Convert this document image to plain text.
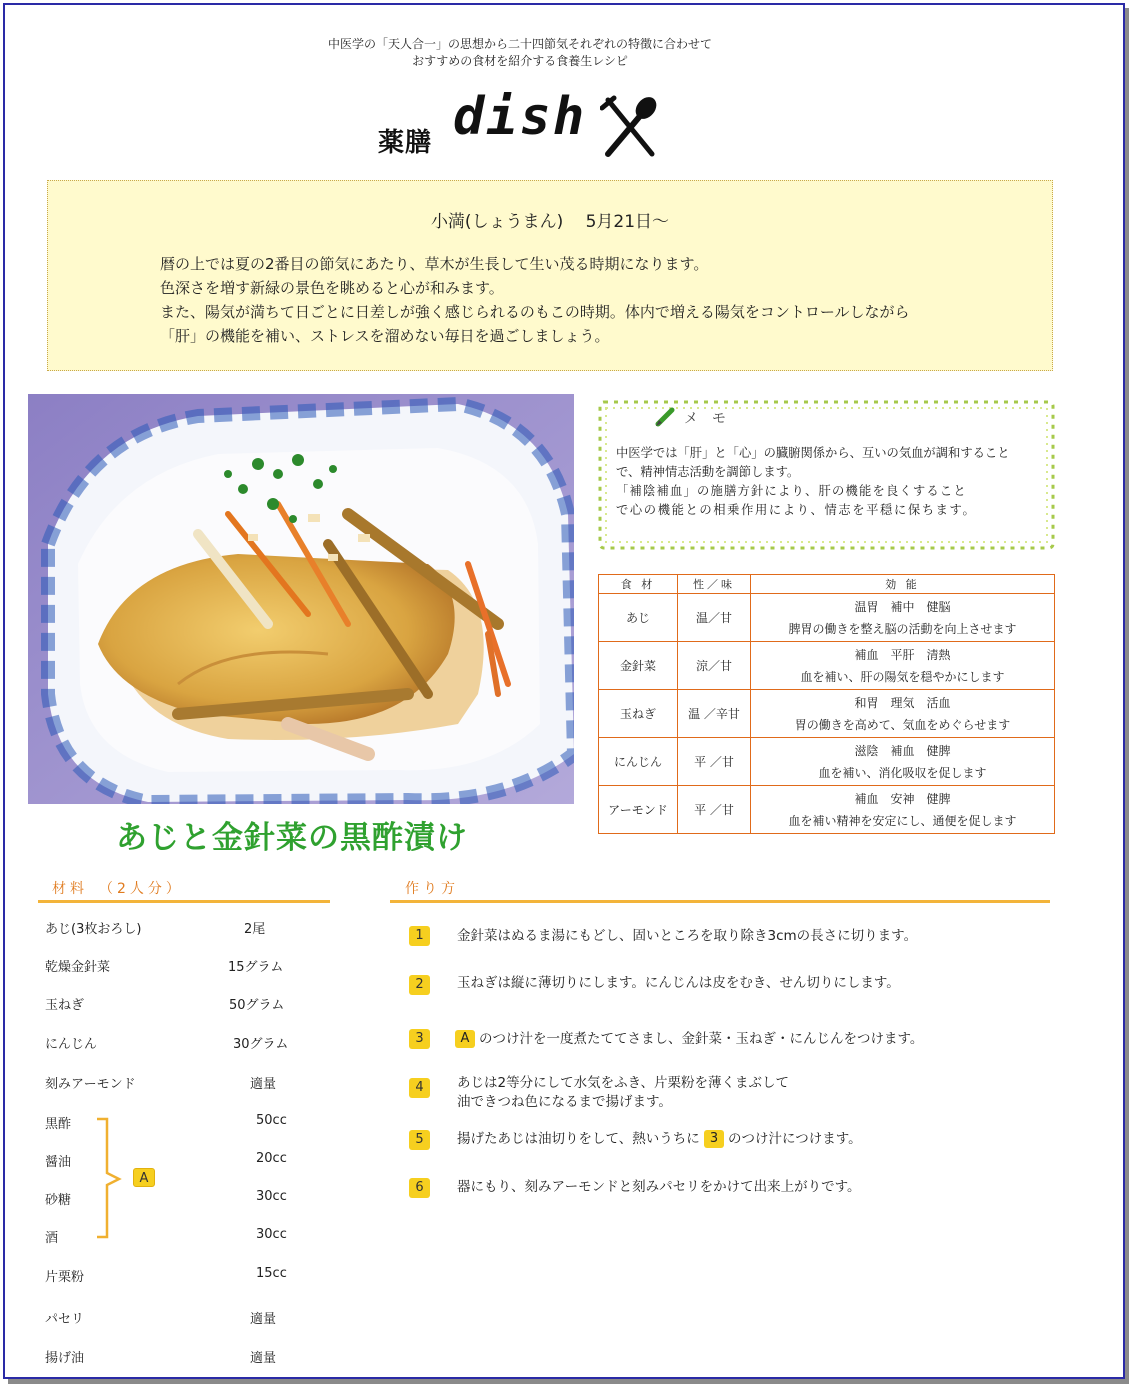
中医学の「天人合一」の思想から二十四節気それぞれの特徴に合わせて
おすすめの食材を紹介する食養生レシピ
薬膳 dish
小満(しょうまん)　 5月21日～
暦の上では夏の2番目の節気にあたり、草木が生長して生い茂る時期になります。
色深さを増す新緑の景色を眺めると心が和みます。
また、陽気が満ちて日ごとに日差しが強く感じられるのもこの時期。体内で増える陽気をコントロールしながら
「肝」の機能を補い、ストレスを溜めない毎日を過ごしましょう。
あじと金針菜の黒酢漬け
メモ
中医学では「肝」と「心」の臓腑関係から、互いの気血が調和すること
で、精神情志活動を調節します。
「補陰補血」の施膳方針により、肝の機能を良くすること
で心の機能との相乗作用により、情志を平穏に保ちます。
食 材	性／味	効 能
あじ	温／甘	温胃　補中　健脳
脾胃の働きを整え脳の活動を向上させます

金針菜	涼／甘	補血　平肝　清熱
血を補い、肝の陽気を穏やかにします

玉ねぎ	温 ／辛甘	和胃　理気　活血
胃の働きを高めて、気血をめぐらせます

にんじん	平 ／甘	滋陰　補血　健脾
血を補い、消化吸収を促します

アーモンド	平 ／甘	補血　安神　健脾
血を補い精神を安定にし、通便を促します
材料　（2人分）
あじ(3枚おろし)	2尾
乾燥金針菜	15グラム
玉ねぎ	50グラム
にんじん	30グラム
刻みアーモンド	適量
黒酢	50cc
醤油	20cc
砂糖	30cc
酒	30cc
片栗粉	15cc
パセリ	適量
揚げ油	適量
A
作り方
1	金針菜はぬるま湯にもどし、固いところを取り除き3cmの長さに切ります。
2	玉ねぎは縦に薄切りにします。にんじんは皮をむき、せん切りにします。
3	A のつけ汁を一度煮たててさまし、金針菜・玉ねぎ・にんじんをつけます。
4	あじは2等分にして水気をふき、片栗粉を薄くまぶして
油できつね色になるまで揚げます。
5	揚げたあじは油切りをして、熱いうちに 3 のつけ汁につけます。
6	器にもり、刻みアーモンドと刻みパセリをかけて出来上がりです。
